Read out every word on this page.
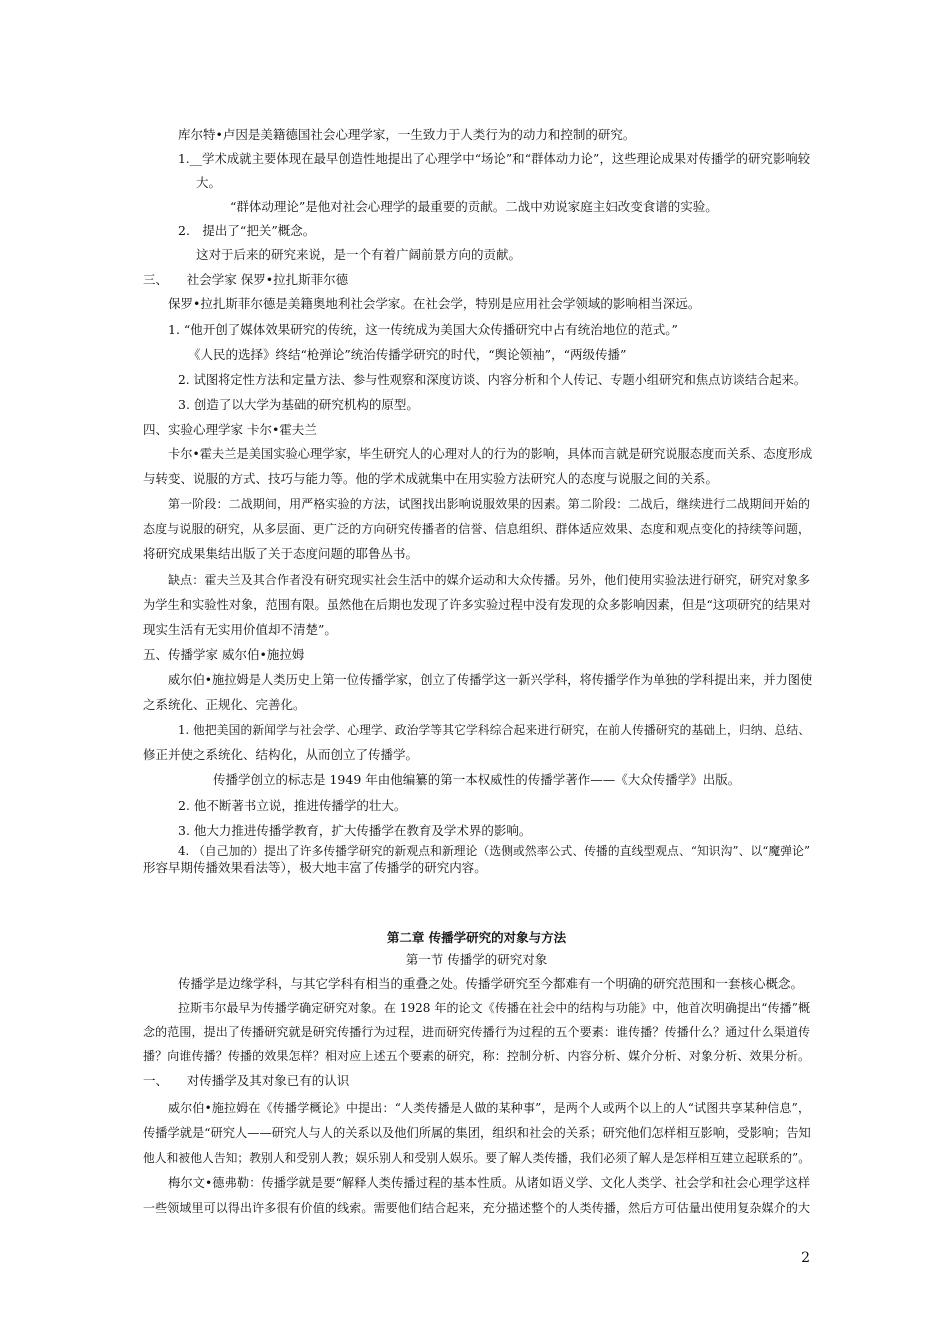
库尔特•卢因是美籍德国社会心理学家，一生致力于人类行为的动力和控制的研究。
1.__学术成就主要体现在最早创造性地提出了心理学中“场论”和“群体动力论”，这些理论成果对传播学的研究影响较
大。
“群体动理论”是他对社会心理学的最重要的贡献。二战中劝说家庭主妇改变食谱的实验。
2.　提出了“把关”概念。
这对于后来的研究来说，是一个有着广阔前景方向的贡献。
三、　　社会学家 保罗•拉扎斯菲尔德
保罗•拉扎斯菲尔德是美籍奥地利社会学家。在社会学，特别是应用社会学领域的影响相当深远。
1. “他开创了媒体效果研究的传统，这一传统成为美国大众传播研究中占有统治地位的范式。”
《人民的选择》终结“枪弹论”统治传播学研究的时代，“舆论领袖”，“两级传播”
2. 试图将定性方法和定量方法、参与性观察和深度访谈、内容分析和个人传记、专题小组研究和焦点访谈结合起来。
3. 创造了以大学为基础的研究机构的原型。
四、实验心理学家 卡尔•霍夫兰
卡尔•霍夫兰是美国实验心理学家，毕生研究人的心理对人的行为的影响，具体而言就是研究说服态度而关系、态度形成
与转变、说服的方式、技巧与能力等。他的学术成就集中在用实验方法研究人的态度与说服之间的关系。
第一阶段：二战期间，用严格实验的方法，试图找出影响说服效果的因素。第二阶段：二战后，继续进行二战期间开始的
态度与说服的研究，从多层面、更广泛的方向研究传播者的信誉、信息组织、群体适应效果、态度和观点变化的持续等问题，
将研究成果集结出版了关于态度问题的耶鲁丛书。
缺点：霍夫兰及其合作者没有研究现实社会生活中的媒介运动和大众传播。另外，他们使用实验法进行研究，研究对象多
为学生和实验性对象，范围有限。虽然他在后期也发现了许多实验过程中没有发现的众多影响因素，但是“这项研究的结果对
现实生活有无实用价值却不清楚”。
五、传播学家 威尔伯•施拉姆
威尔伯•施拉姆是人类历史上第一位传播学家，创立了传播学这一新兴学科，将传播学作为单独的学科提出来，并力图使
之系统化、正规化、完善化。
1. 他把美国的新闻学与社会学、心理学、政治学等其它学科综合起来进行研究，在前人传播研究的基础上，归纳、总结、
修正并使之系统化、结构化，从而创立了传播学。
传播学创立的标志是 1949 年由他编纂的第一本权威性的传播学著作——《大众传播学》出版。
2. 他不断著书立说，推进传播学的壮大。
3. 他大力推进传播学教育，扩大传播学在教育及学术界的影响。
4. （自己加的）提出了许多传播学研究的新观点和新理论（选侧或然率公式、传播的直线型观点、“知识沟”、以“魔弹论”
形容早期传播效果看法等），极大地丰富了传播学的研究内容。
第二章 传播学研究的对象与方法
第一节 传播学的研究对象
传播学是边缘学科，与其它学科有相当的重叠之处。传播学研究至今都难有一个明确的研究范围和一套核心概念。
拉斯韦尔最早为传播学确定研究对象。在 1928 年的论文《传播在社会中的结构与功能》中，他首次明确提出“传播”概
念的范围，提出了传播研究就是研究传播行为过程，进而研究传播行为过程的五个要素：谁传播？传播什么？通过什么渠道传
播？向谁传播？传播的效果怎样？相对应上述五个要素的研究，称：控制分析、内容分析、媒介分析、对象分析、效果分析。
一、　　对传播学及其对象已有的认识
威尔伯•施拉姆在《传播学概论》中提出：“人类传播是人做的某种事”，是两个人或两个以上的人“试图共享某种信息”，
传播学就是“研究人——研究人与人的关系以及他们所属的集团，组织和社会的关系；研究他们怎样相互影响，受影响；告知
他人和被他人告知；教别人和受别人教；娱乐别人和受别人娱乐。要了解人类传播，我们必须了解人是怎样相互建立起联系的”。
梅尔文•德弗勒：传播学就是要“解释人类传播过程的基本性质。从诸如语义学、文化人类学、社会学和社会心理学这样
一些领域里可以得出许多很有价值的线索。需要他们结合起来，充分描述整个的人类传播，然后方可估量出使用复杂媒介的大
2
